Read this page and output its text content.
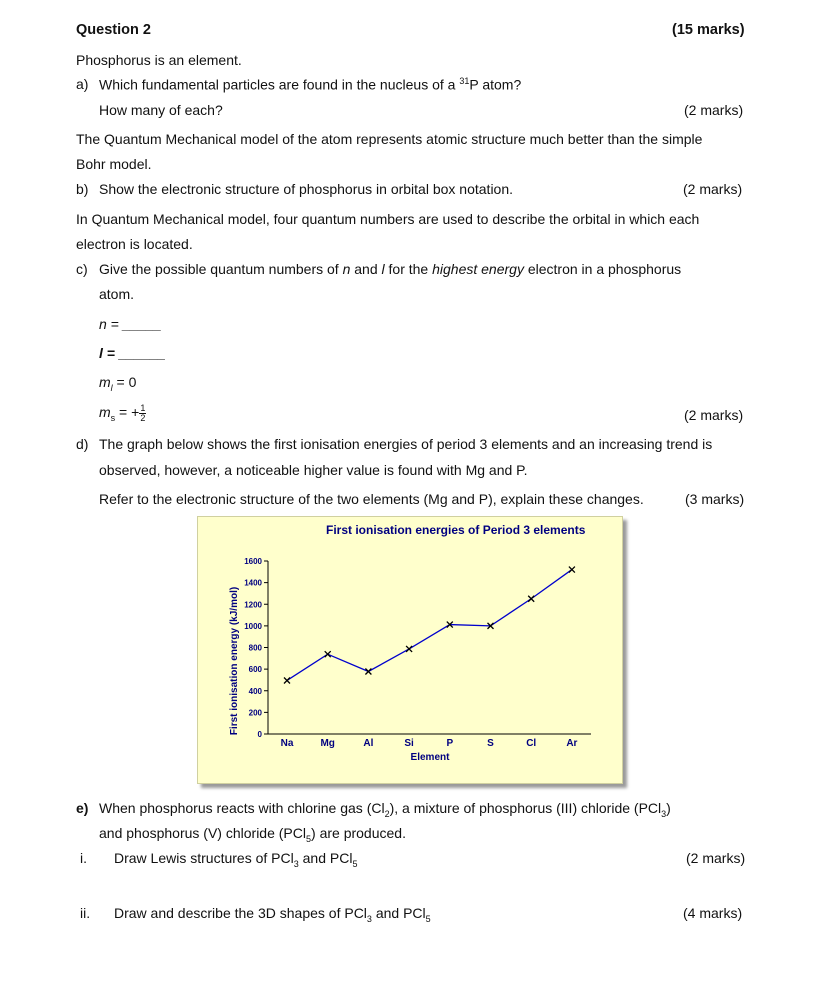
Question 2	(15 marks)
Phosphorus is an element.
a) Which fundamental particles are found in the nucleus of a $^{31}$P atom?
How many of each?	(2 marks)
The Quantum Mechanical model of the atom represents atomic structure much better than the simple
Bohr model.
b) Show the electronic structure of phosphorus in orbital box notation.	(2 marks)
In Quantum Mechanical model, four quantum numbers are used to describe the orbital in which each
electron is located.
c) Give the possible quantum numbers of n and l for the highest energy electron in a phosphorus
atom.
n = _____
l = ______
$m_l = 0$
$m_s$ = + $\frac{1}{2}$	(2 marks)
d) The graph below shows the first ionisation energies of period 3 elements and an increasing trend is
observed, however, a noticeable higher value is found with Mg and P.
Refer to the electronic structure of the two elements (Mg and P), explain these changes.	(3 marks)
First ionisation energies of Period 3 elements
First ionisation energy (kJ/mol)
Element
0
200
400
600
800
1000
1200
1400
1600
Na	Mg	Al	Si	P	S	Cl	Ar
e) When phosphorus reacts with chlorine gas $(Cl_2)$, a mixture of phosphorus (III) chloride (PCl$_3$)
and phosphorus (V) chloride (PCl$_5$) are produced.
i. Draw Lewis structures of PCl$_3$ and PCl$_5$	(2 marks)
ii. Draw and describe the 3D shapes of PCl$_3$ and PCl$_5$	(4 marks)
